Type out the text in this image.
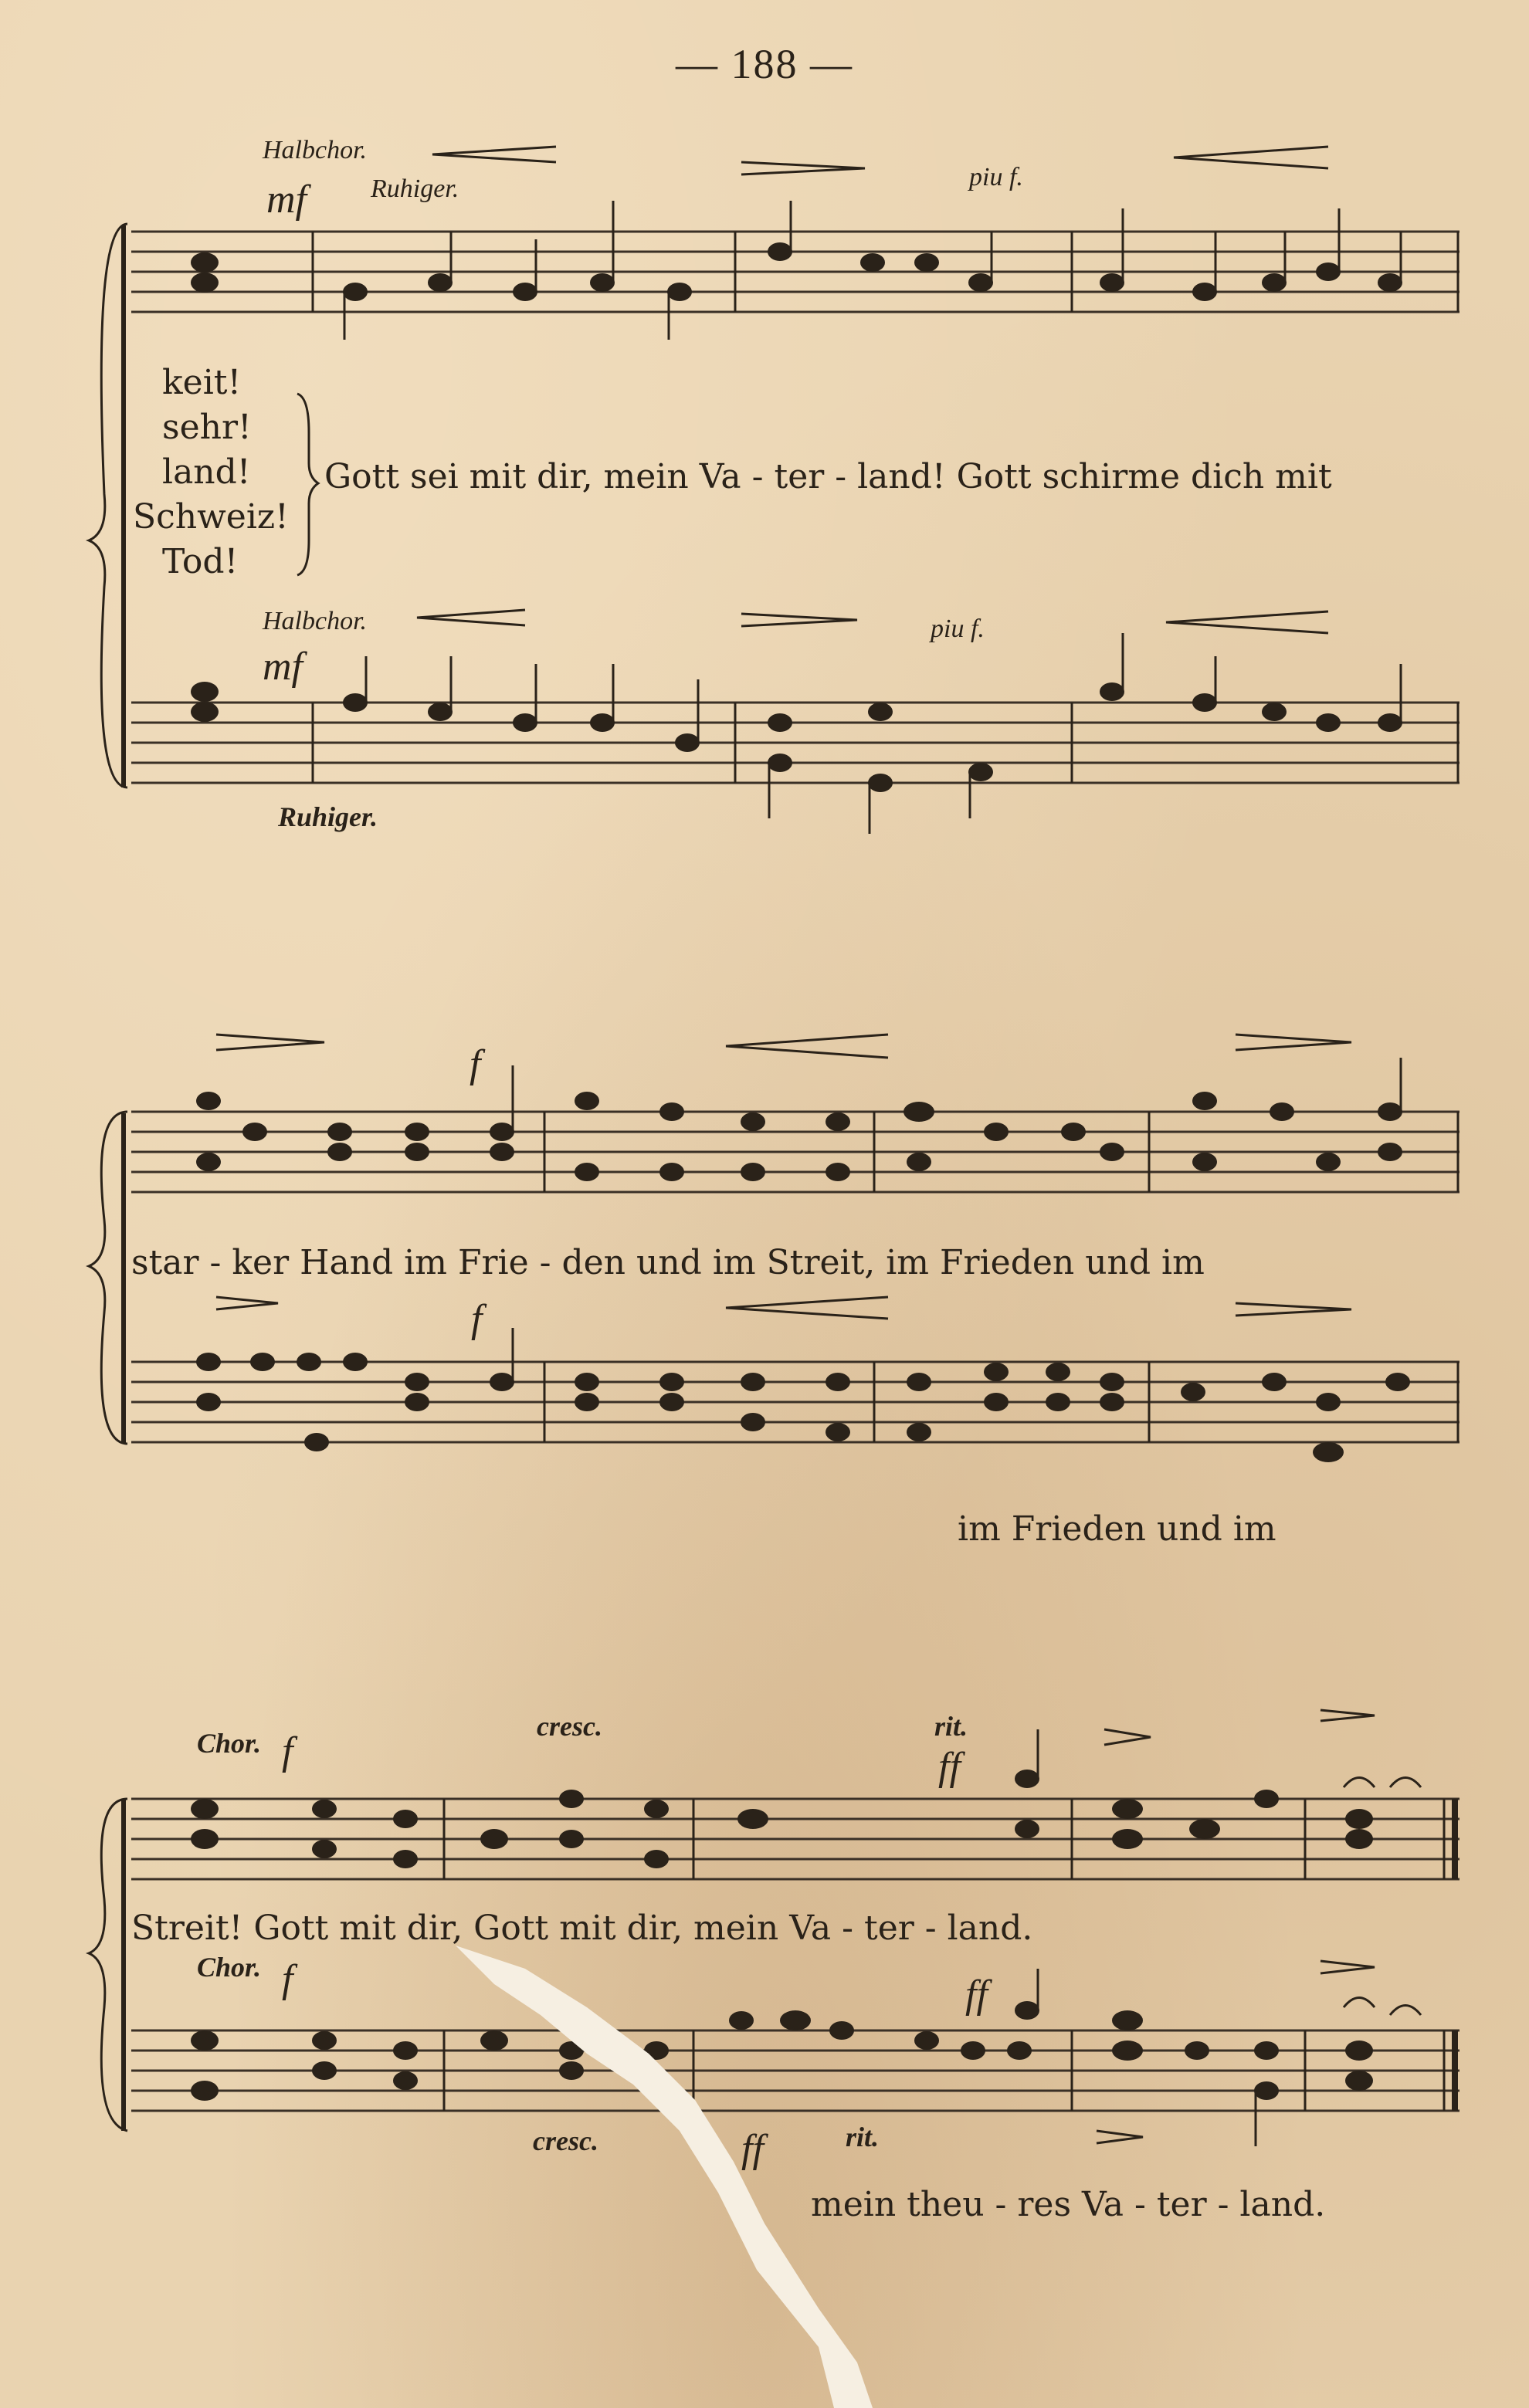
— 188 —
Halbchor.
mf Ruhiger.	piu f.
keit!
sehr!
land!
Schweiz!
Tod!
Gott sei mit dir, mein Va - ter - land! Gott schirme dich mit
Halbchor.
mf
piu f.
Ruhiger.
f
star - ker Hand im Frie - den und im Streit, im Frieden und im
f
im Frieden und im
Chor. f
cresc.	rit.
ff
Streit! Gott mit dir, Gott mit dir, mein Va - ter - land.
Chor. f	ff
cresc.	ff	rit.
mein theu - res Va - ter - land.
